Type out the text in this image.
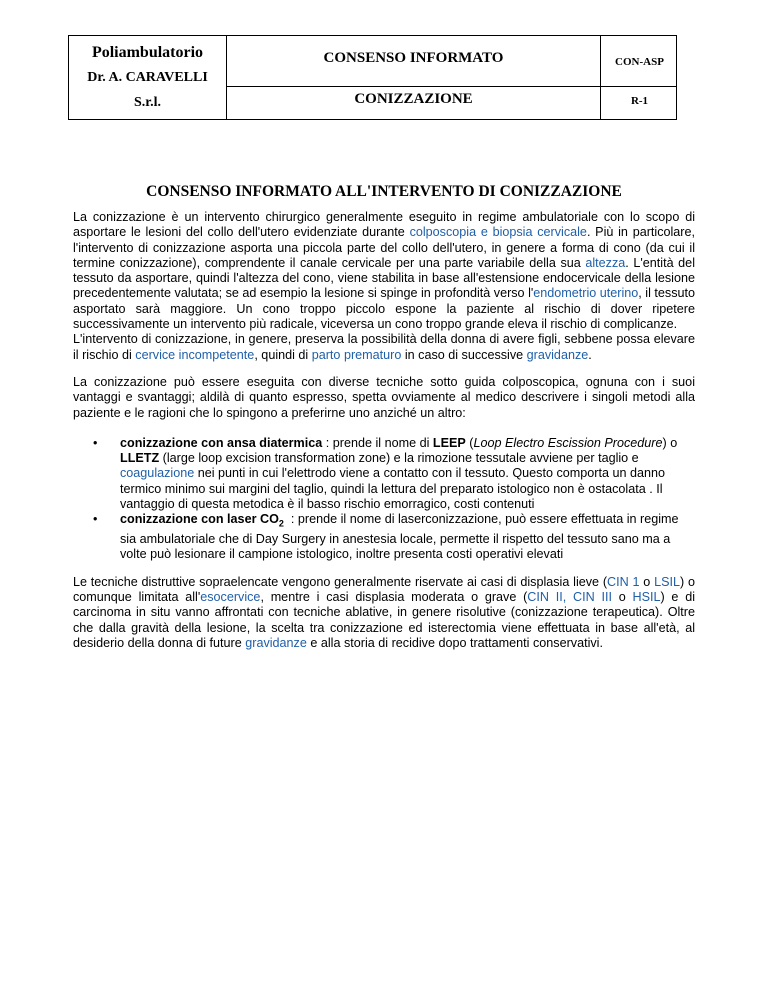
Poliambulatorio
Dr. A. CARAVELLI
S.r.l.
CONSENSO INFORMATO
CONIZZAZIONE
CON-ASP
R-1
CONSENSO INFORMATO ALL'INTERVENTO DI CONIZZAZIONE

La conizzazione è un intervento chirurgico generalmente eseguito in regime ambulatoriale con lo scopo di asportare le lesioni del collo dell'utero evidenziate durante colposcopia e biopsia cervicale. Più in particolare, l'intervento di conizzazione asporta una piccola parte del collo dell'utero, in genere a forma di cono (da cui il termine conizzazione), comprendente il canale cervicale per una parte variabile della sua altezza. L'entità del tessuto da asportare, quindi l'altezza del cono, viene stabilita in base all'estensione endocervicale della lesione precedentemente valutata; se ad esempio la lesione si spinge in profondità verso l'endometrio uterino, il tessuto asportato sarà maggiore. Un cono troppo piccolo espone la paziente al rischio di dover ripetere successivamente un intervento più radicale, viceversa un cono troppo grande eleva il rischio di complicanze.

L'intervento di conizzazione, in genere, preserva la possibilità della donna di avere figli, sebbene possa elevare il rischio di cervice incompetente, quindi di parto prematuro in caso di successive gravidanze.

La conizzazione può essere eseguita con diverse tecniche sotto guida colposcopica, ognuna con i suoi vantaggi e svantaggi; aldilà di quanto espresso, spetta ovviamente al medico descrivere i singoli metodi alla paziente e le ragioni che lo spingono a preferirne uno anziché un altro:

• conizzazione con ansa diatermica : prende il nome di LEEP (Loop Electro Escission Procedure) o LLETZ (large loop excision transformation zone) e la rimozione tessutale avviene per taglio e coagulazione nei punti in cui l'elettrodo viene a contatto con il tessuto. Questo comporta un danno termico minimo sui margini del taglio, quindi la lettura del preparato istologico non è ostacolata . Il vantaggio di questa metodica è il basso rischio emorragico, costi contenuti
• conizzazione con laser $CO_2$  : prende il nome di laserconizzazione, può essere effettuata in regime sia ambulatoriale che di Day Surgery in anestesia locale, permette il rispetto del tessuto sano ma a volte può lesionare il campione istologico, inoltre presenta costi operativi elevati

Le tecniche distruttive sopraelencate vengono generalmente riservate ai casi di displasia lieve (CIN 1 o LSIL) o comunque limitata all'esocervice, mentre i casi displasia moderata o grave (CIN II, CIN III o HSIL) e di carcinoma in situ vanno affrontati con tecniche ablative, in genere risolutive (conizzazione terapeutica). Oltre che dalla gravità della lesione, la scelta tra conizzazione ed isterectomia viene effettuata in base all'età, al desiderio della donna di future gravidanze e alla storia di recidive dopo trattamenti conservativi.
